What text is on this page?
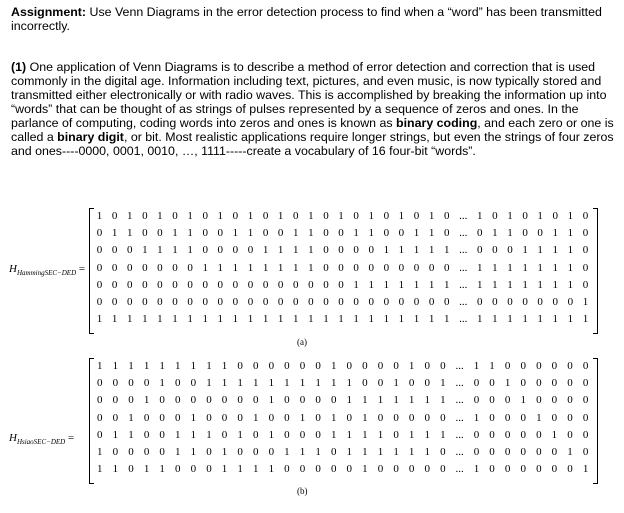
Assignment: Use Venn Diagrams in the error detection process to find when a “word” has been transmitted incorrectly.
(1) One application of Venn Diagrams is to describe a method of error detection and correction that is used commonly in the digital age. Information including text, pictures, and even music, is now typically stored and transmitted either electronically or with radio waves. This is accomplished by breaking the information up into “words” that can be thought of as strings of pulses represented by a sequence of zeros and ones. In the parlance of computing, coding words into zeros and ones is known as binary coding, and each zero or one is called a binary digit, or bit. Most realistic applications require longer strings, but even the strings of four zeros and ones----0000, 0001, 0010, …, 1111-----create a vocabulary of 16 four-bit “words”.
$H_{HammingSEC-DED}$ =
1 0 1 0 1 0 1 0 1 0 1 0 1 0 1 0 1 0 1 0 1 0 1 0 ... 1 0 1 0 1 0 1 0
0 1 1 0 0 1 1 0 0 1 1 0 0 1 1 0 0 1 1 0 0 1 1 0 ... 0 1 1 0 0 1 1 0
0 0 0 1 1 1 1 0 0 0 0 1 1 1 1 0 0 0 0 1 1 1 1 1 ... 0 0 0 1 1 1 1 0
0 0 0 0 0 0 0 1 1 1 1 1 1 1 1 0 0 0 0 0 0 0 0 0 ... 1 1 1 1 1 1 1 0
0 0 0 0 0 0 0 0 0 0 0 0 0 0 0 0 0 1 1 1 1 1 1 1 ... 1 1 1 1 1 1 1 0
0 0 0 0 0 0 0 0 0 0 0 0 0 0 0 0 0 0 0 0 0 0 0 0 ... 0 0 0 0 0 0 0 1
1 1 1 1 1 1 1 1 1 1 1 1 1 1 1 1 1 1 1 1 1 1 1 1 ... 1 1 1 1 1 1 1 1
(a)
$H_{HsiaoSEC-DED}$ =
1 1 1 1 1 1 1 1 1 0 0 0 0 0 0 1 0 0 0 0 1 0 0 ... 1 1 0 0 0 0 0 0
0 0 0 0 1 0 0 1 1 1 1 1 1 1 1 1 1 0 0 1 0 0 1 ... 0 0 1 0 0 0 0 0
0 0 0 1 0 0 0 0 0 0 0 1 0 0 0 0 1 1 1 1 1 1 1 ... 0 0 0 1 0 0 0 0
0 0 1 0 0 0 1 0 0 0 1 0 0 1 0 1 0 1 0 0 0 0 0 ... 1 0 0 0 1 0 0 0
0 1 1 0 0 1 1 1 0 1 0 1 0 0 0 1 1 1 1 0 1 1 1 ... 0 0 0 0 0 1 0 0
1 0 0 0 0 1 1 0 1 0 0 0 1 1 1 0 1 1 1 1 1 1 0 ... 0 0 0 0 0 0 1 0
1 1 0 1 1 0 0 0 1 1 1 1 0 0 0 0 0 1 0 0 0 0 0 ... 1 0 0 0 0 0 0 1
(b)
